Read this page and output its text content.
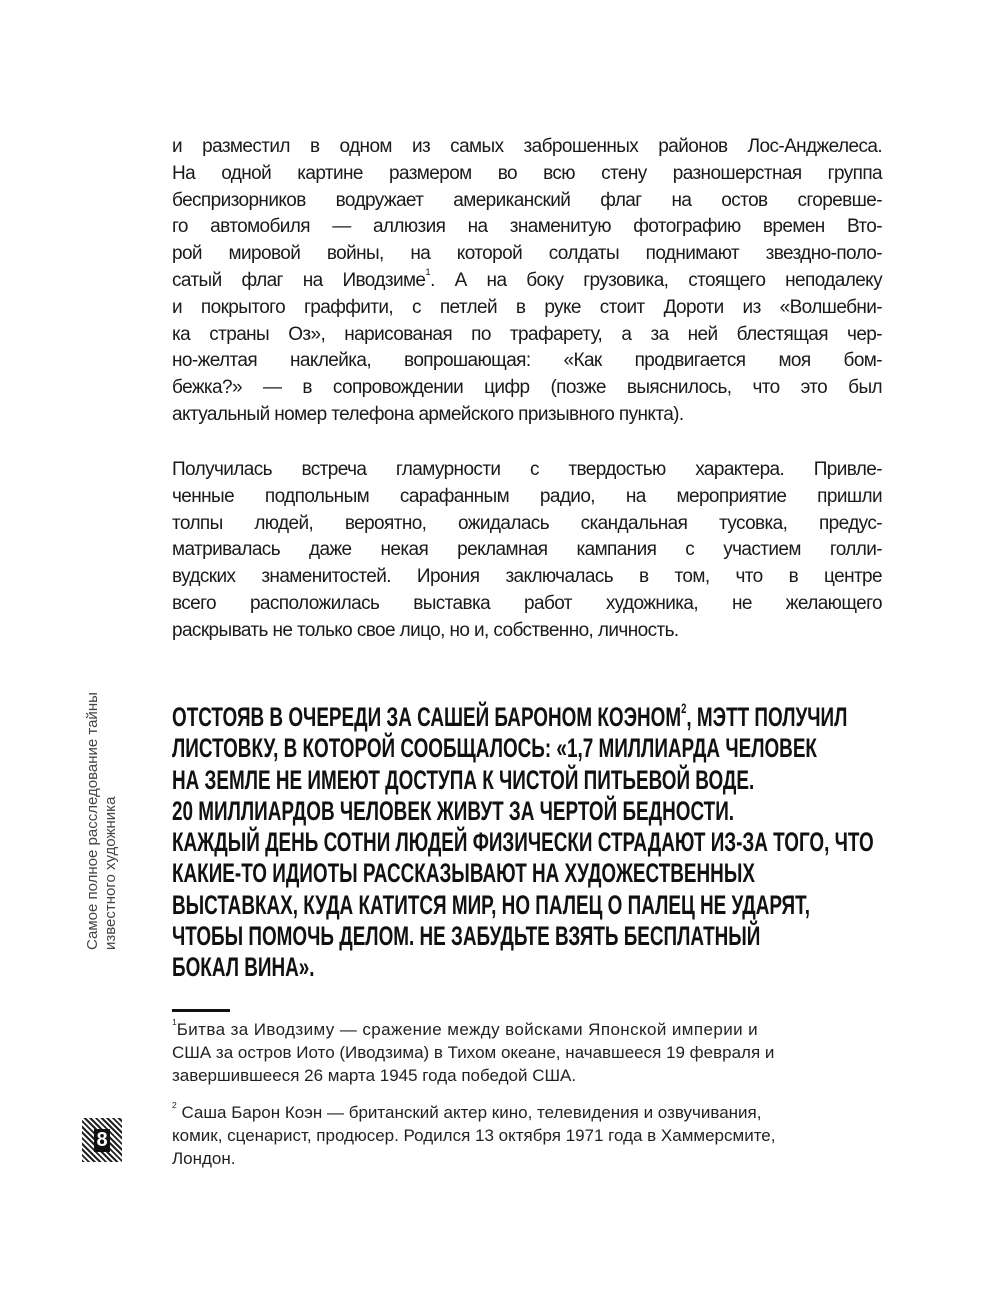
и разместил в одном из самых заброшенных районов Лос-Анджелеса.
На одной картине размером во всю стену разношерстная группа
беспризорников водружает американский флаг на остов сгоревше-
го автомобиля — аллюзия на знаменитую фотографию времен Вто-
рой мировой войны, на которой солдаты поднимают звездно-поло-
сатый флаг на Иводзиме$^1$. А на боку грузовика, стоящего неподалеку
и покрытого граффити, с петлей в руке стоит Дороти из «Волшебни-
ка страны Оз», нарисованая по трафарету, а за ней блестящая чер-
но-желтая наклейка, вопрошающая: «Как продвигается моя бом-
бежка?» — в сопровождении цифр (позже выяснилось, что это был
актуальный номер телефона армейского призывного пункта).
Получилась встреча гламурности с твердостью характера. Привле-
ченные подпольным сарафанным радио, на мероприятие пришли
толпы людей, вероятно, ожидалась скандальная тусовка, предус-
матривалась даже некая рекламная кампания с участием голли-
вудских знаменитостей. Ирония заключалась в том, что в центре
всего расположилась выставка работ художника, не желающего
раскрывать не только свое лицо, но и, собственно, личность.
ОТСТОЯВ В ОЧЕРЕДИ ЗА САШЕЙ БАРОНОМ КОЭНОМ$^2$, МЭТТ ПОЛУЧИЛ
ЛИСТОВКУ, В КОТОРОЙ СООБЩАЛОСЬ: «1,7 МИЛЛИАРДА ЧЕЛОВЕК
НА ЗЕМЛЕ НЕ ИМЕЮТ ДОСТУПА К ЧИСТОЙ ПИТЬЕВОЙ ВОДЕ.
20 МИЛЛИАРДОВ ЧЕЛОВЕК ЖИВУТ ЗА ЧЕРТОЙ БЕДНОСТИ.
КАЖДЫЙ ДЕНЬ СОТНИ ЛЮДЕЙ ФИЗИЧЕСКИ СТРАДАЮТ ИЗ-ЗА ТОГО, ЧТО
КАКИЕ-ТО ИДИОТЫ РАССКАЗЫВАЮТ НА ХУДОЖЕСТВЕННЫХ
ВЫСТАВКАХ, КУДА КАТИТСЯ МИР, НО ПАЛЕЦ О ПАЛЕЦ НЕ УДАРЯТ,
ЧТОБЫ ПОМОЧЬ ДЕЛОМ. НЕ ЗАБУДЬТЕ ВЗЯТЬ БЕСПЛАТНЫЙ
БОКАЛ ВИНА».
$^1$Битва за Иводзиму — сражение между войсками Японской империи и
США за остров Иото (Иводзима) в Тихом океане, начавшееся 19 февраля и
завершившееся 26 марта 1945 года победой США.
$^2$ Саша Барон Коэн — британский актер кино, телевидения и озвучивания,
комик, сценарист, продюсер. Родился 13 октября 1971 года в Хаммерсмите,
Лондон.
Самое полное расследование тайны известного художника
8
